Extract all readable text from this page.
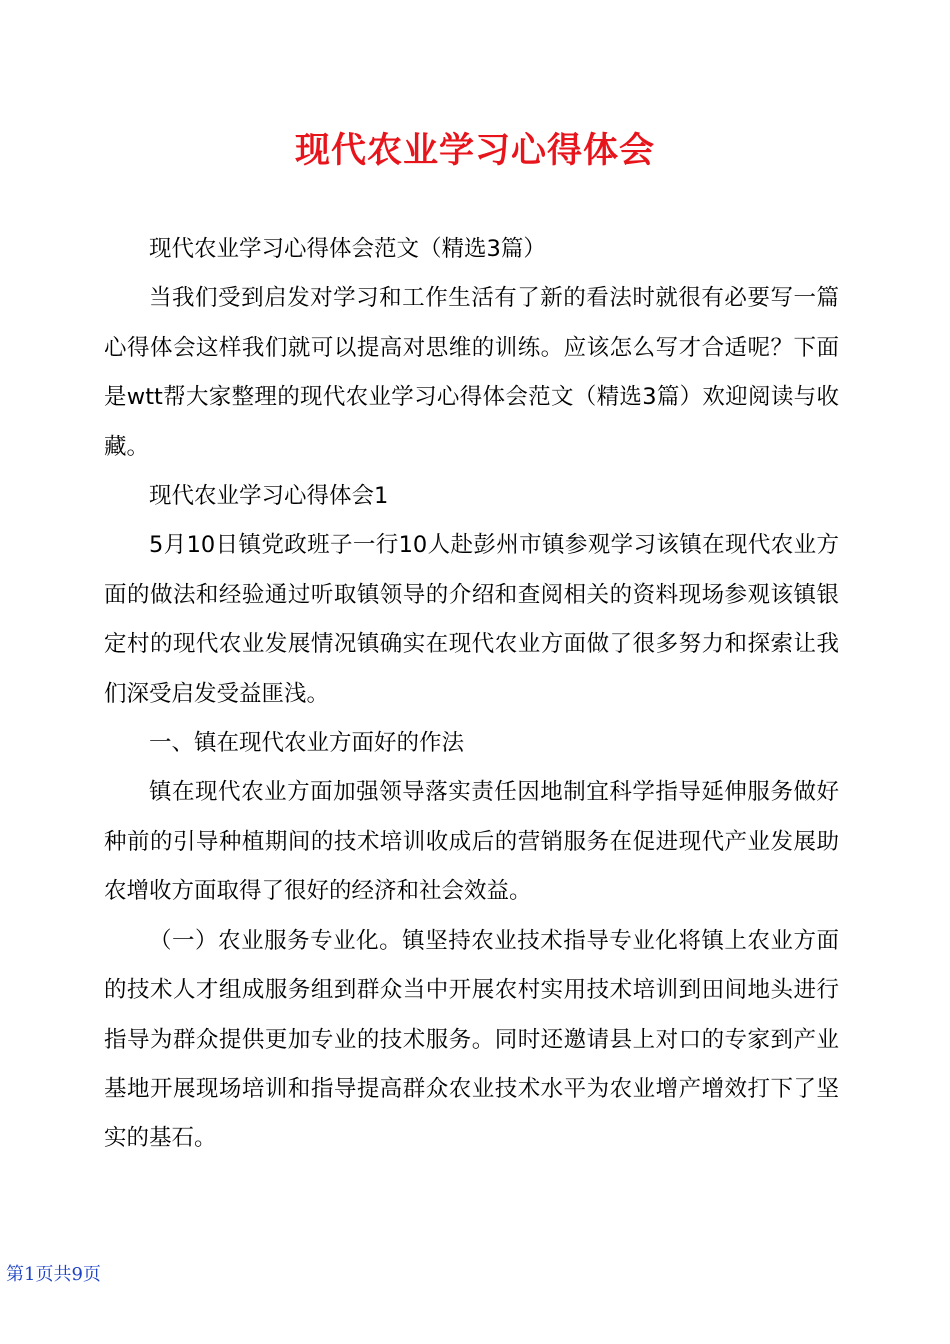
现代农业学习心得体会

现代农业学习心得体会范文（精选3篇）

当我们受到启发对学习和工作生活有了新的看法时就很有必要写一篇心得体会这样我们就可以提高对思维的训练。应该怎么写才合适呢？下面是wtt帮大家整理的现代农业学习心得体会范文（精选3篇）欢迎阅读与收藏。

现代农业学习心得体会1

5月10日镇党政班子一行10人赴彭州市镇参观学习该镇在现代农业方面的做法和经验通过听取镇领导的介绍和查阅相关的资料现场参观该镇银定村的现代农业发展情况镇确实在现代农业方面做了很多努力和探索让我们深受启发受益匪浅。

一、镇在现代农业方面好的作法

镇在现代农业方面加强领导落实责任因地制宜科学指导延伸服务做好种前的引导种植期间的技术培训收成后的营销服务在促进现代产业发展助农增收方面取得了很好的经济和社会效益。

（一）农业服务专业化。镇坚持农业技术指导专业化将镇上农业方面的技术人才组成服务组到群众当中开展农村实用技术培训到田间地头进行指导为群众提供更加专业的技术服务。同时还邀请县上对口的专家到产业基地开展现场培训和指导提高群众农业技术水平为农业增产增效打下了坚实的基石。

第1页共9页
